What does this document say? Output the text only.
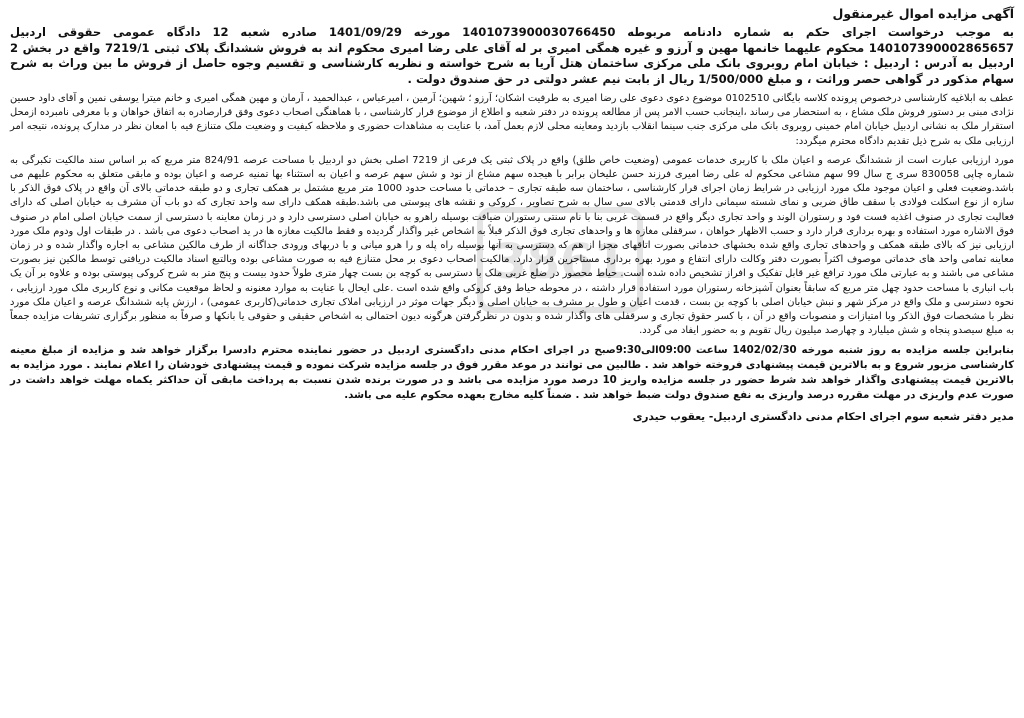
3861
آگهی مزایده اموال غیرمنقول

به موجب درخواست اجرای حکم به شماره دادنامه مربوطه 140107390003076645‌0 مورخه 1401/09/29 صادره شعبه 12 دادگاه عمومی حقوقی اردبیل 140107390002865657 محکوم علیهما خانمها مهین و آرزو و غیره همگی امیری بر له آقای علی رضا امیری محکوم اند به فروش ششدانگ پلاک ثبتی 7219/1 واقع در بخش 2 اردبیل به آدرس : اردبیل : خیابان امام روبروی بانک ملی مرکزی ساختمان هتل آریا به شرح خواسته و نظریه کارشناسی و تقسیم وجوه حاصل از فروش ما بین وراث به شرح سهام مذکور در گواهی حصر وراثت ، و مبلغ 1/500/000 ریال از بابت نیم عشر دولتی در حق صندوق دولت .

عطف به ابلاغیه کارشناسی درخصوص پرونده کلاسه بایگانی 0102510 موضوع دعوی دعوی علی رضا امیری به طرفیت اشکان؛ آرزو ؛ شهین؛ آرمین ، امیرعباس ، عبدالحمید ، آرمان و مهین همگی امیری و خانم میترا یوسفی نمین و آقای داود حسین نژادی مبنی بر دستور فروش ملک مشاع ، به استحضار می رساند ،اینجانب حسب الامر پس از مطالعه پرونده در دفتر شعبه و اطلاع از موضوع قرار کارشناسی ، با هماهنگی اصحاب دعوی وفق قرارصادره به اتفاق خواهان و با معرفی نامبرده ازمحل استقرار ملک به نشانی اردبیل خیابان امام خمینی روبروی بانک ملی مرکزی جنب سینما انقلاب بازدید ومعاینه محلی لازم بعمل آمد، با عنایت به مشاهدات حضوری و ملاحظه کیفیت و وضعیت ملک متنازع فیه با امعان نظر در مدارک پرونده، نتیجه امر ارزیابی ملک به شرح ذیل تقدیم دادگاه محترم میگردد:

مورد ارزیابی عبارت است از ششدانگ عرصه و اعیان ملک با کاربری خدمات عمومی (وضعیت خاص طلق) واقع در پلاک ثبتی یک فرعی از 7219 اصلی بخش دو اردبیل با مساحت عرصه 824/91 متر مربع که بر اساس سند مالکیت تکبرگی به شماره چاپی 830058 سری ج سال 99 سهم مشاعی محکوم له علی رضا امیری فرزند حسن علیخان برابر با هیجده سهم مشاع از نود و شش سهم عرصه و اعیان به استثناء بها تمنیه عرصه و اعیان بوده و مابقی متعلق به محکوم علیهم می باشد.وضعیت فعلی و اعیان موجود ملک مورد ارزیابی در شرایط زمان اجرای قرار کارشناسی ، ساختمان سه طبقه تجاری – خدماتی با مساحت حدود 1000 متر مربع مشتمل بر همکف تجاری و دو طبقه خدماتی بالای آن واقع در پلاک فوق الذکر با سازه از نوع اسکلت فولادی با سقف طاق ضربی و نمای شسته سیمانی دارای قدمتی بالای سی سال به شرح تصاویر ، کروکی و نقشه های پیوستی می باشد.طبقه همکف دارای سه واحد تجاری که دو باب آن مشرف به خیابان اصلی که دارای فعالیت تجاری در صنوف اغذیه فست فود و رستوران الوند و واحد تجاری دیگر واقع در قسمت غربی بنا با نام سنتی رستوران ضیافت بوسیله راهرو به خیابان اصلی دسترسی دارد و در زمان معاینه با دسترسی از سمت خیابان اصلی امام در صنوف فوق الاشاره مورد استفاده و بهره برداری قرار دارد و حسب الاظهار خواهان ، سرقفلی مغازه ها و واحدهای تجاری فوق الذکر قبلاً به اشخاص غیر واگذار گردیده و فقط مالکیت مغازه ها در ید اصحاب دعوی می باشد . در طبقات اول ودوم ملک مورد ارزیابی نیز که بالای طبقه همکف و واحدهای تجاری واقع شده بخشهای خدماتی بصورت اتاقهای مجزا از هم که دسترسی به آنها بوسیله راه پله و را هرو میانی و با دربهای ورودی جداگانه از طرف مالکین مشاعی به اجاره واگذار شده و در زمان معاینه تمامی واحد های خدماتی موصوف اکثراً بصورت دفتر وکالت دارای انتفاع و مورد بهره برداری مستاجرین قرار دارد. مالکیت اصحاب دعوی بر محل متنازع فیه به صورت مشاعی بوده وبالتبع اسناد مالکیت دریافتی توسط مالکین نیز بصورت مشاعی می باشند و به عبارتی ملک مورد ترافع غیر قابل تفکیک و افراز تشخیص داده شده است. حیاط محصور در ضلع غربی ملک با دسترسی به کوچه بن بست چهار متری طولاً حدود بیست و پنج متر به شرح کروکی پیوستی بوده و علاوه بر آن یک باب انباری با مساحت حدود چهل متر مربع که سابقاً بعنوان آشپزخانه رستوران مورد استفاده قرار داشته ، در محوطه حیاط وفق کروکی واقع شده است .علی ایحال با عنایت به موارد معنونه و لحاظ موقعیت مکانی و نوع کاربری ملک مورد ارزیابی ، نحوه دسترسی و ملک واقع در مرکز شهر و نبش خیابان اصلی با کوچه بن بست ، قدمت اعیان و طول بر مشرف به خیابان اصلی و دیگر جهات موثر در ارزیابی املاک تجاری خدماتی(کاربری عمومی) ، ارزش پایه ششدانگ عرصه و اعیان ملک مورد نظر با مشخصات فوق الذکر وبا امتیازات و منصوبات واقع در آن ، با کسر حقوق تجاری و سرقفلی های واگذار شده و بدون در نظرگرفتن هرگونه دیون احتمالی به اشخاص حقیقی و حقوقی یا بانکها و صرفاً به منظور برگزاری تشریفات مزایده جمعاً به مبلغ سیصدو پنجاه و شش میلیارد و چهارصد میلیون ریال تقویم و به حضور ایفاد می گردد.

بنابراین جلسه مزایده به روز شنبه مورخه 1402/02/30 ساعت 09:00الی9:30صبح در اجرای احکام مدنی دادگستری اردبیل در حضور نماینده محترم دادسرا برگزار خواهد شد و مزایده از مبلغ معینه کارشناسی مزبور شروع و به بالاترین قیمت پیشنهادی فروخته خواهد شد . طالبین می توانند در موعد مقرر فوق در جلسه مزایده شرکت نموده و قیمت پیشنهادی خودشان را اعلام نمایند . مورد مزایده به بالاترین قیمت پیشنهادی واگذار خواهد شد شرط حضور در جلسه مزایده واریز 10 درصد مورد مزایده می باشد و در صورت برنده شدن نسبت به پرداخت مابقی آن حداکثر یکماه مهلت خواهد داشت در صورت عدم واریزی در مهلت مقرره درصد واریزی به نفع صندوق دولت ضبط خواهد شد . ضمناً کلیه مخارج بعهده محکوم علیه می باشد.

مدیر دفتر شعبه سوم اجرای احکام مدنی دادگستری اردبیل- یعقوب حیدری
